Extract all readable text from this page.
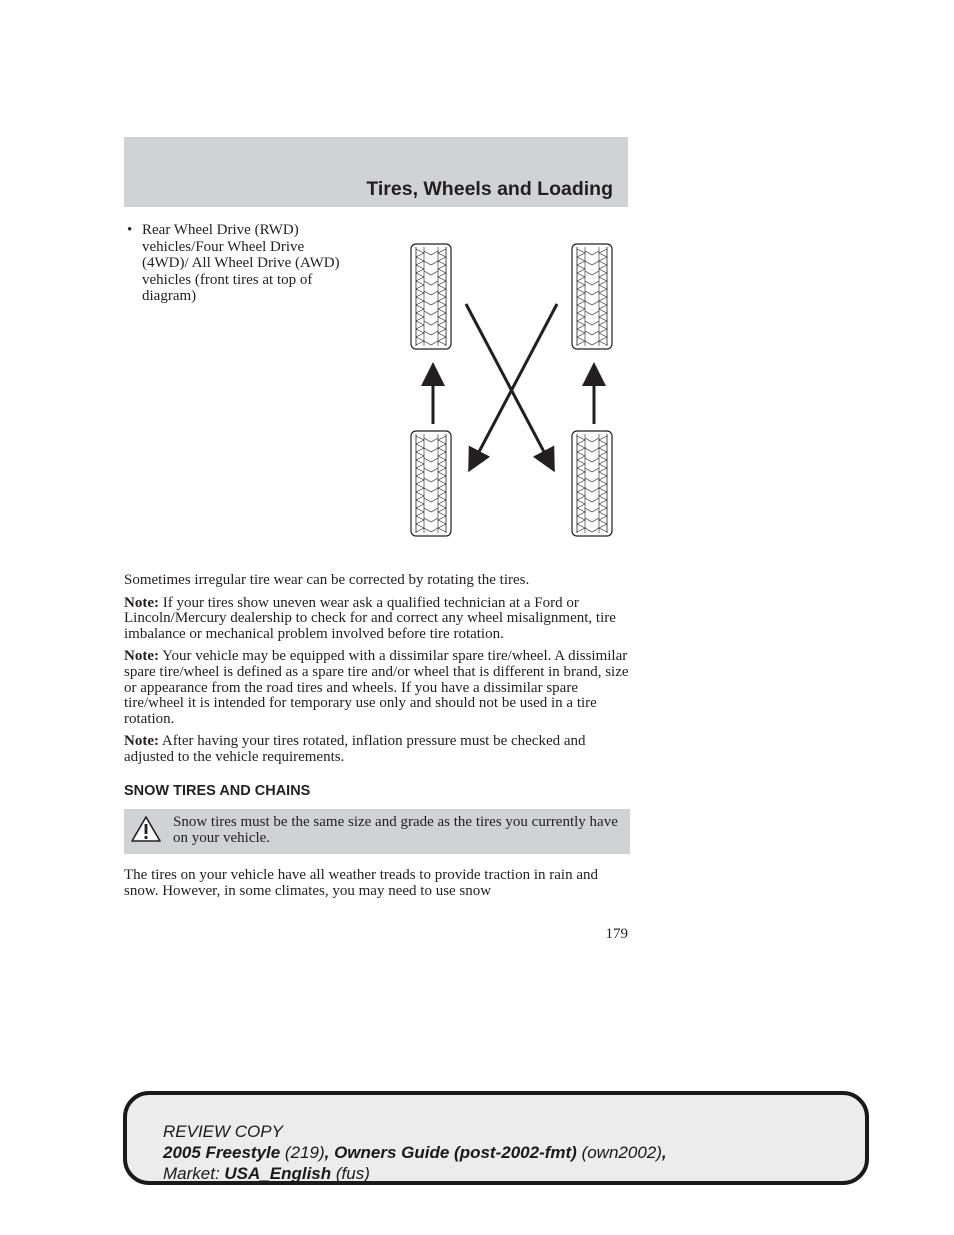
Tires, Wheels and Loading
• Rear Wheel Drive (RWD)
vehicles/Four Wheel Drive
(4WD)/ All Wheel Drive (AWD)
vehicles (front tires at top of
diagram)

Sometimes irregular tire wear can be corrected by rotating the tires.

Note: If your tires show uneven wear ask a qualified technician at a Ford or Lincoln/Mercury dealership to check for and correct any wheel misalignment, tire imbalance or mechanical problem involved before tire rotation.

Note: Your vehicle may be equipped with a dissimilar spare tire/wheel. A dissimilar spare tire/wheel is defined as a spare tire and/or wheel that is different in brand, size or appearance from the road tires and wheels. If you have a dissimilar spare tire/wheel it is intended for temporary use only and should not be used in a tire rotation.

Note: After having your tires rotated, inflation pressure must be checked and adjusted to the vehicle requirements.

SNOW TIRES AND CHAINS
Snow tires must be the same size and grade as the tires you currently have on your vehicle.

The tires on your vehicle have all weather treads to provide traction in rain and snow. However, in some climates, you may need to use snow

179
REVIEW COPY
2005 Freestyle (219), Owners Guide (post-2002-fmt) (own2002),
Market: USA_English (fus)
